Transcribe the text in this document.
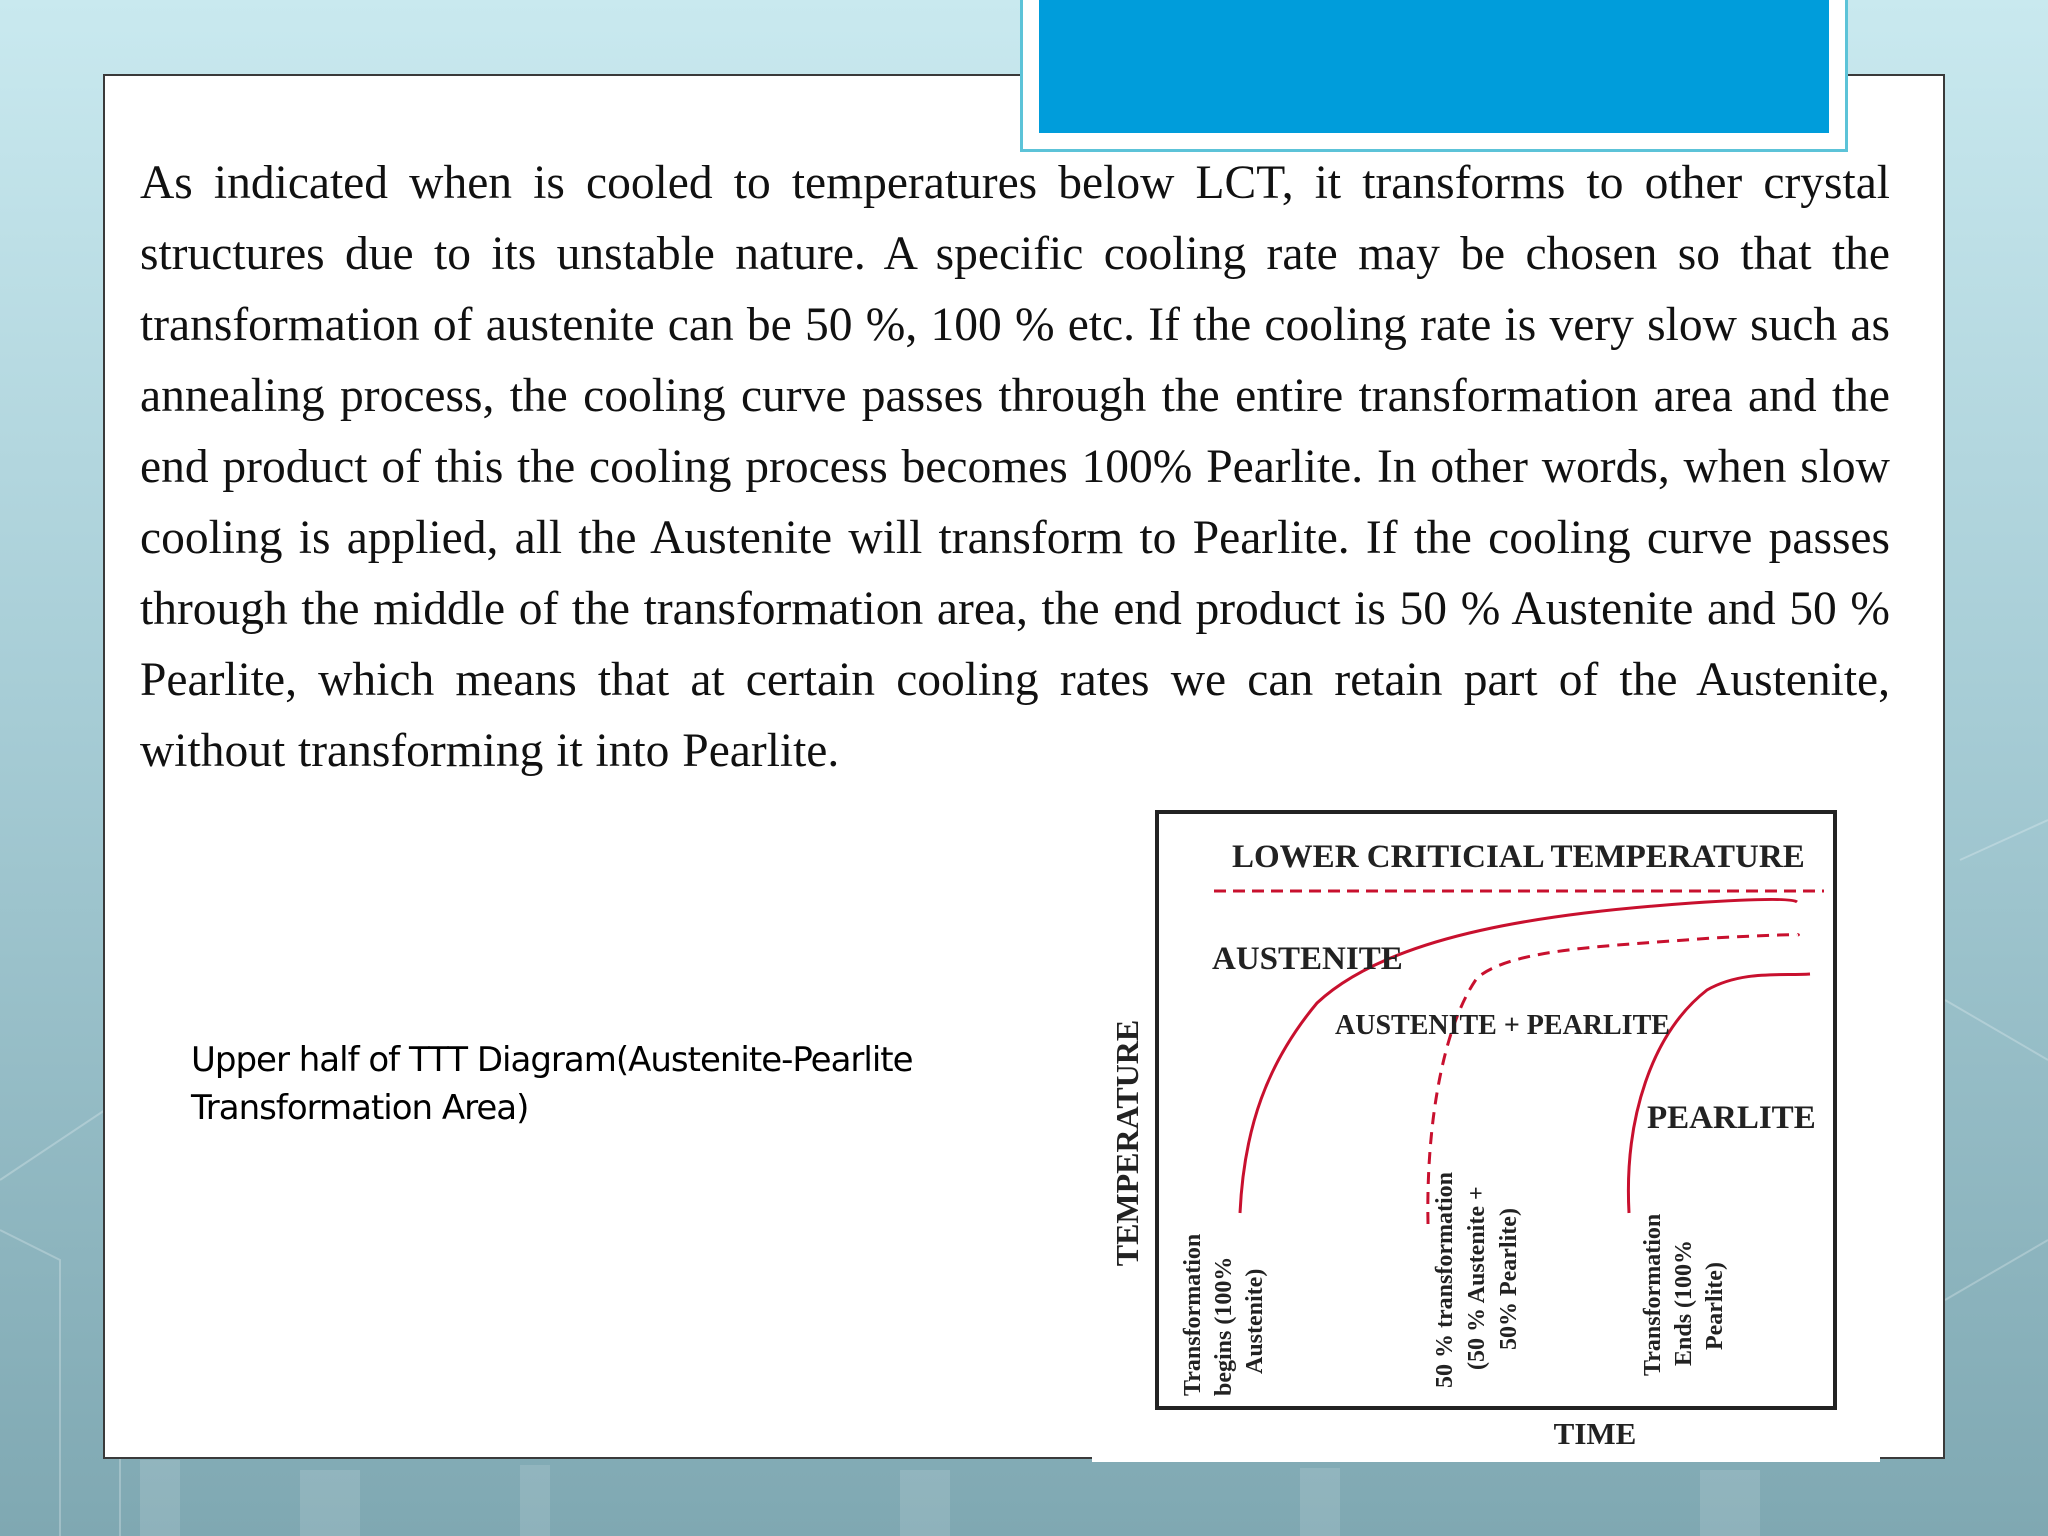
As indicated when is cooled to temperatures below LCT, it transforms to other crystal structures due to its unstable nature. A specific cooling rate may be chosen so that the transformation of austenite can be 50 %, 100 % etc. If the cooling rate is very slow such as annealing process, the cooling curve passes through the entire transformation area and the end product of this the cooling process becomes 100% Pearlite. In other words, when slow cooling is applied, all the Austenite will transform to Pearlite. If the cooling curve passes through the middle of the transformation area, the end product is 50 % Austenite and 50 % Pearlite, which means that at certain cooling rates we can retain part of the Austenite, without transforming it into Pearlite.

Upper half of TTT Diagram(Austenite-Pearlite
Transformation Area)
LOWER CRITICIAL TEMPERATURE
AUSTENITE
AUSTENITE + PEARLITE
PEARLITE
TEMPERATURE
TIME
Transformation begins (100% Austenite)	50 % transformation (50 % Austenite + 50% Pearlite)	Transformation Ends (100% Pearlite)
